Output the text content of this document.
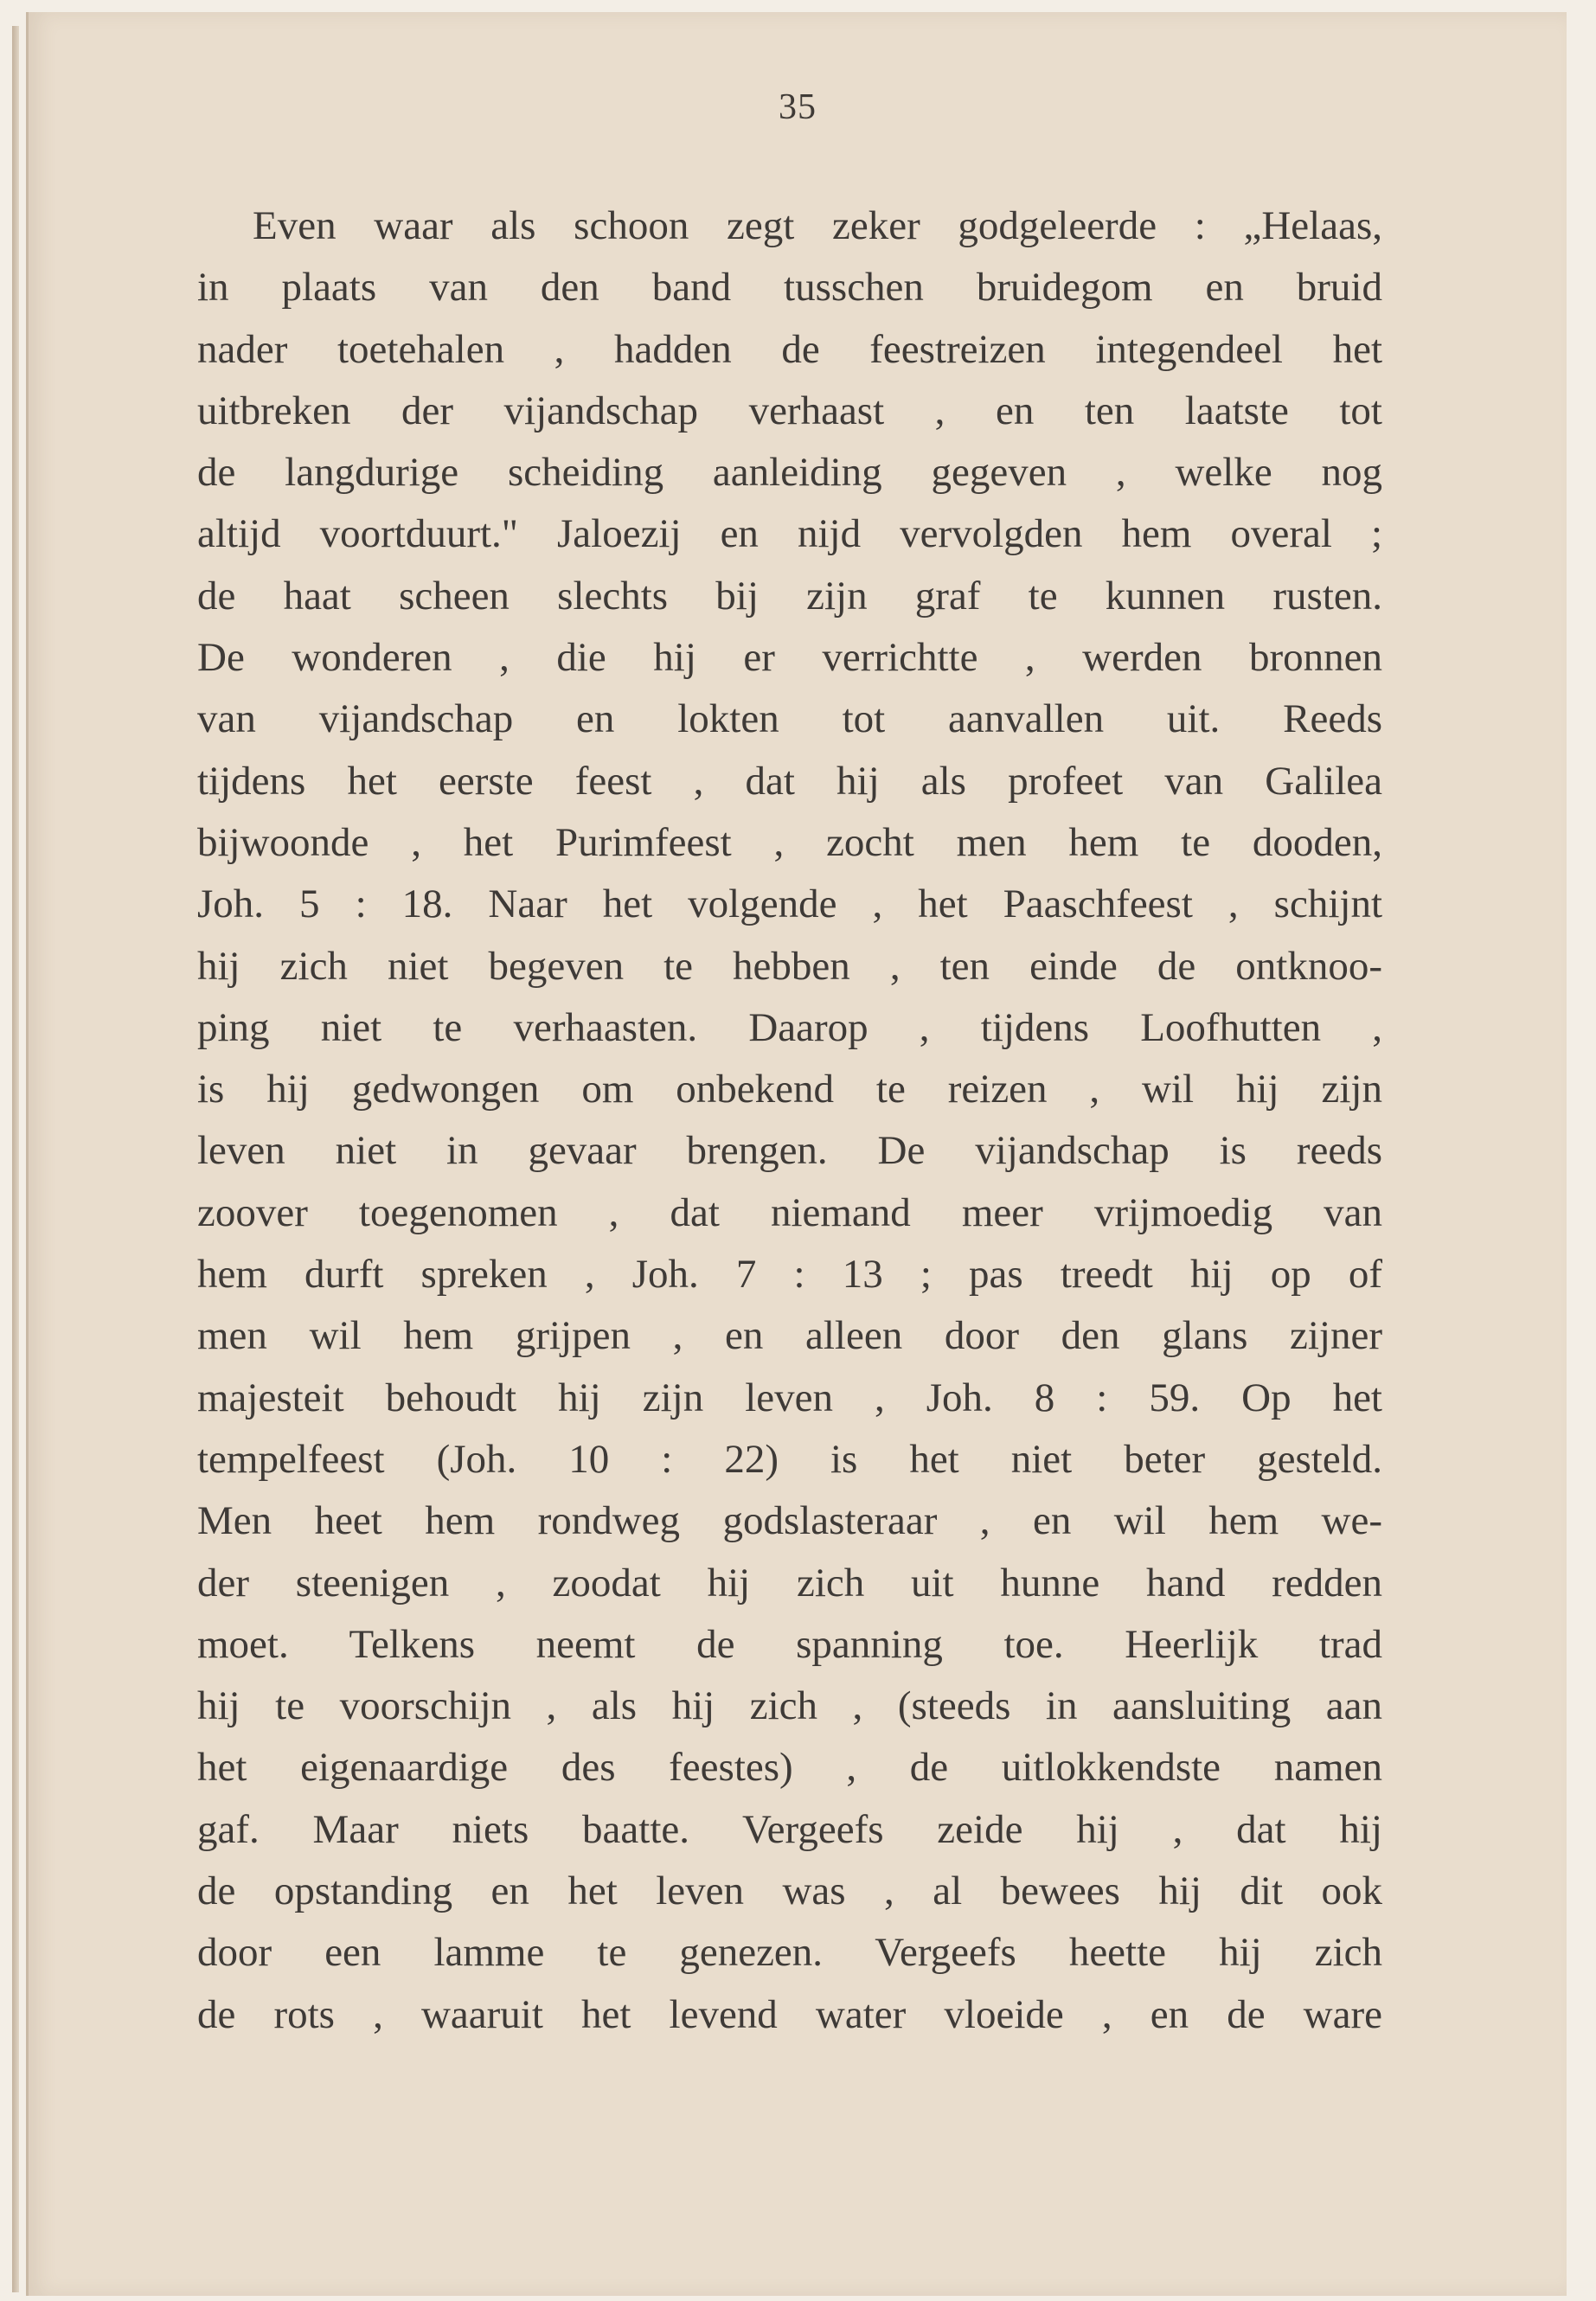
35
Even waar als schoon zegt zeker godgeleerde : „Helaas,
in plaats van den band tusschen bruidegom en bruid
nader toetehalen , hadden de feestreizen integendeel het
uitbreken der vijandschap verhaast , en ten laatste tot
de langdurige scheiding aanleiding gegeven , welke nog
altijd voortduurt." Jaloezij en nijd vervolgden hem overal ;
de haat scheen slechts bij zijn graf te kunnen rusten.
De wonderen , die hij er verrichtte , werden bronnen
van vijandschap en lokten tot aanvallen uit. Reeds
tijdens het eerste feest , dat hij als profeet van Galilea
bijwoonde , het Purimfeest , zocht men hem te dooden,
Joh. 5 : 18. Naar het volgende , het Paaschfeest , schijnt
hij zich niet begeven te hebben , ten einde de ontknoo-
ping niet te verhaasten. Daarop , tijdens Loofhutten ,
is hij gedwongen om onbekend te reizen , wil hij zijn
leven niet in gevaar brengen. De vijandschap is reeds
zoover toegenomen , dat niemand meer vrijmoedig van
hem durft spreken , Joh. 7 : 13 ; pas treedt hij op of
men wil hem grijpen , en alleen door den glans zijner
majesteit behoudt hij zijn leven , Joh. 8 : 59. Op het
tempelfeest (Joh. 10 : 22) is het niet beter gesteld.
Men heet hem rondweg godslasteraar , en wil hem we-
der steenigen , zoodat hij zich uit hunne hand redden
moet. Telkens neemt de spanning toe. Heerlijk trad
hij te voorschijn , als hij zich , (steeds in aansluiting aan
het eigenaardige des feestes) , de uitlokkendste namen
gaf. Maar niets baatte. Vergeefs zeide hij , dat hij
de opstanding en het leven was , al bewees hij dit ook
door een lamme te genezen. Vergeefs heette hij zich
de rots , waaruit het levend water vloeide , en de ware
